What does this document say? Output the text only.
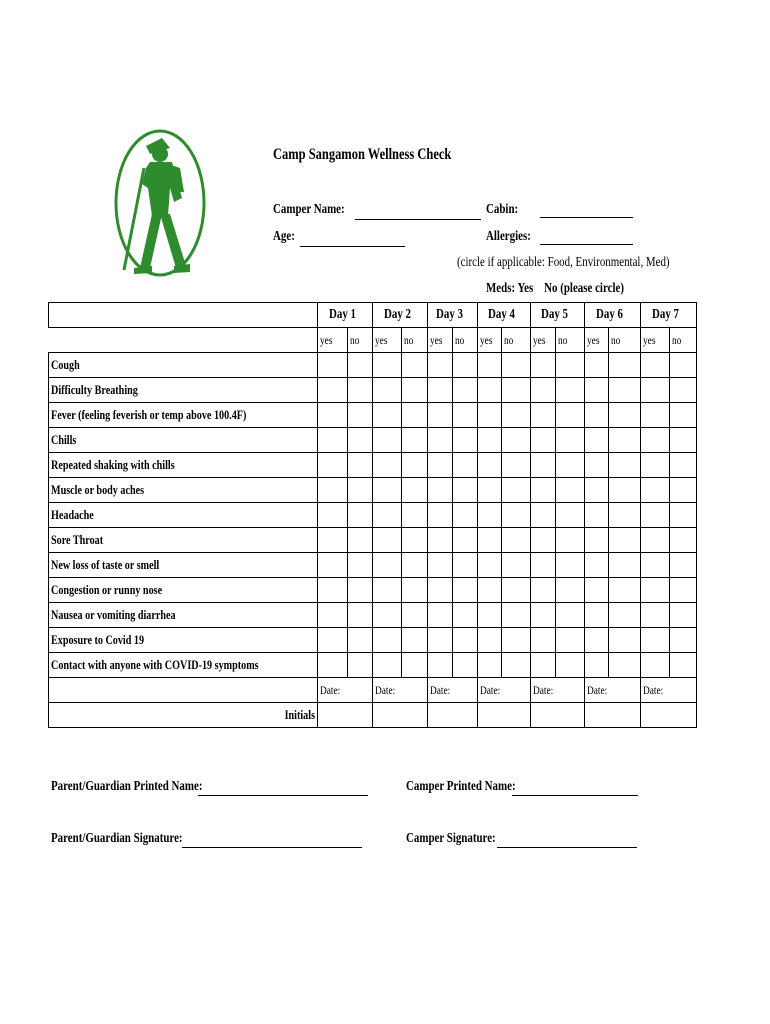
Camp Sangamon Wellness Check
Camper Name:	Cabin:
Age:	Allergies:
(circle if applicable: Food, Environmental, Med)
Meds: Yes    No (please circle)
	Day 1		Day 2		Day 3		Day 4		Day 5		Day 6		Day 7	
	yes	no	yes	no	yes	no	yes	no	yes	no	yes	no	yes	no
Cough														
Difficulty Breathing														
Fever (feeling feverish or temp above 100.4F)														
Chills														
Repeated shaking with chills														
Muscle or body aches														
Headache														
Sore Throat														
New loss of taste or smell														
Congestion or runny nose														
Nausea or vomiting diarrhea														
Exposure to Covid 19														
Contact with anyone with COVID-19 symptoms														
	Date:		Date:		Date:		Date:		Date:		Date:		Date:	
Initials														
Parent/Guardian Printed Name:	Camper Printed Name:
Parent/Guardian Signature:	Camper Signature:
